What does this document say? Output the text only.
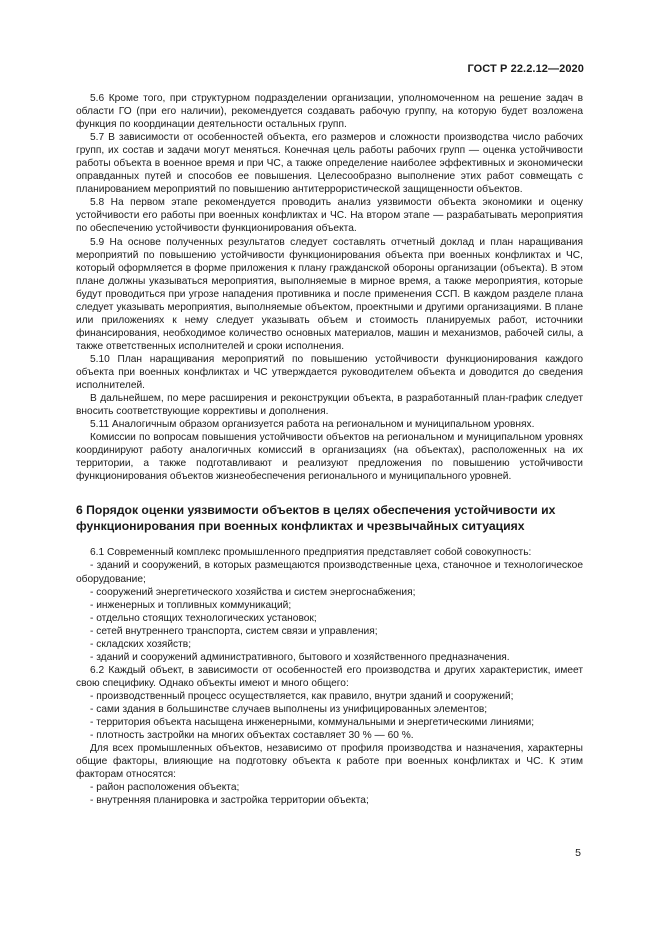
ГОСТ Р 22.2.12—2020

5.6 Кроме того, при структурном подразделении организации, уполномоченном на решение задач в области ГО (при его наличии), рекомендуется создавать рабочую группу, на которую будет возложена функция по координации деятельности остальных групп.

5.7 В зависимости от особенностей объекта, его размеров и сложности производства число рабочих групп, их состав и задачи могут меняться. Конечная цель работы рабочих групп — оценка устойчивости работы объекта в военное время и при ЧС, а также определение наиболее эффективных и экономически оправданных путей и способов ее повышения. Целесообразно выполнение этих работ совмещать с планированием мероприятий по повышению антитеррористической защищенности объектов.

5.8 На первом этапе рекомендуется проводить анализ уязвимости объекта экономики и оценку устойчивости его работы при военных конфликтах и ЧС. На втором этапе — разрабатывать мероприятия по обеспечению устойчивости функционирования объекта.

5.9 На основе полученных результатов следует составлять отчетный доклад и план наращивания мероприятий по повышению устойчивости функционирования объекта при военных конфликтах и ЧС, который оформляется в форме приложения к плану гражданской обороны организации (объекта). В этом плане должны указываться мероприятия, выполняемые в мирное время, а также мероприятия, которые будут проводиться при угрозе нападения противника и после применения ССП. В каждом разделе плана следует указывать мероприятия, выполняемые объектом, проектными и другими организациями. В плане или приложениях к нему следует указывать объем и стоимость планируемых работ, источники финансирования, необходимое количество основных материалов, машин и механизмов, рабочей силы, а также ответственных исполнителей и сроки исполнения.

5.10 План наращивания мероприятий по повышению устойчивости функционирования каждого объекта при военных конфликтах и ЧС утверждается руководителем объекта и доводится до сведения исполнителей.

В дальнейшем, по мере расширения и реконструкции объекта, в разработанный план-график следует вносить соответствующие коррективы и дополнения.

5.11 Аналогичным образом организуется работа на региональном и муниципальном уровнях.

Комиссии по вопросам повышения устойчивости объектов на региональном и муниципальном уровнях координируют работу аналогичных комиссий в организациях (на объектах), расположенных на их территории, а также подготавливают и реализуют предложения по повышению устойчивости функционирования объектов жизнеобеспечения регионального и муниципального уровней.

6 Порядок оценки уязвимости объектов в целях обеспечения устойчивости их функционирования при военных конфликтах и чрезвычайных ситуациях

6.1 Современный комплекс промышленного предприятия представляет собой совокупность:

- зданий и сооружений, в которых размещаются производственные цеха, станочное и технологическое оборудование;

- сооружений энергетического хозяйства и систем энергоснабжения;

- инженерных и топливных коммуникаций;

- отдельно стоящих технологических установок;

- сетей внутреннего транспорта, систем связи и управления;

- складских хозяйств;

- зданий и сооружений административного, бытового и хозяйственного предназначения.

6.2 Каждый объект, в зависимости от особенностей его производства и других характеристик, имеет свою специфику. Однако объекты имеют и много общего:

- производственный процесс осуществляется, как правило, внутри зданий и сооружений;

- сами здания в большинстве случаев выполнены из унифицированных элементов;

- территория объекта насыщена инженерными, коммунальными и энергетическими линиями;

- плотность застройки на многих объектах составляет 30 % — 60 %.

Для всех промышленных объектов, независимо от профиля производства и назначения, характерны общие факторы, влияющие на подготовку объекта к работе при военных конфликтах и ЧС. К этим факторам относятся:

- район расположения объекта;

- внутренняя планировка и застройка территории объекта;

5
